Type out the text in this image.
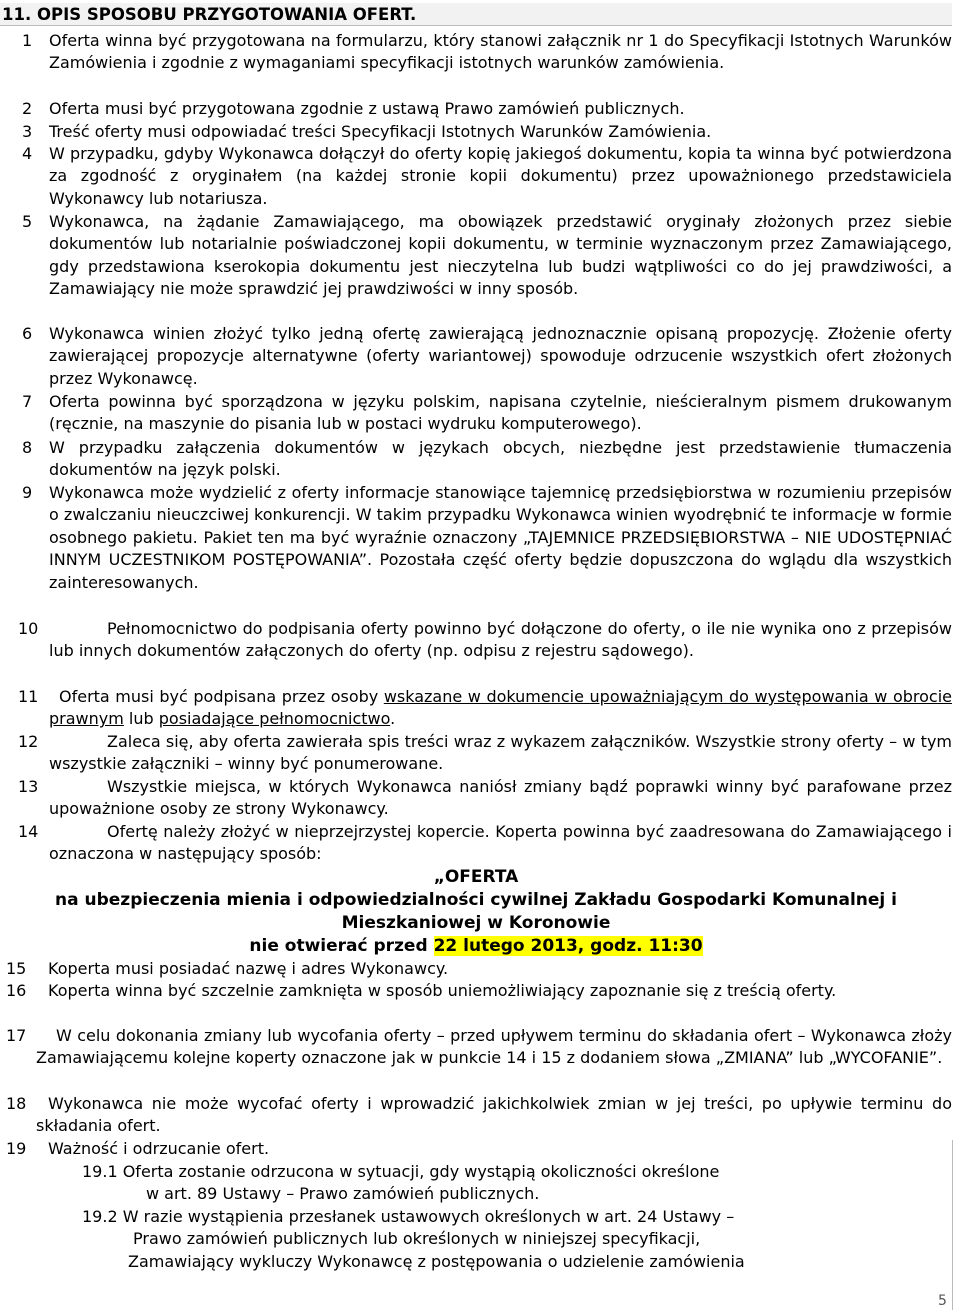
11. OPIS SPOSOBU PRZYGOTOWANIA OFERT.
1 Oferta winna być przygotowana na formularzu, który stanowi załącznik nr 1 do Specyfikacji Istotnych Warunków Zamówienia i zgodnie z wymaganiami specyfikacji istotnych warunków zamówienia.
2 Oferta musi być przygotowana zgodnie z ustawą Prawo zamówień publicznych.
3 Treść oferty musi odpowiadać treści Specyfikacji Istotnych Warunków Zamówienia.
4 W przypadku, gdyby Wykonawca dołączył do oferty kopię jakiegoś dokumentu, kopia ta winna być potwierdzona za zgodność z oryginałem (na każdej stronie kopii dokumentu) przez upoważnionego przedstawiciela Wykonawcy lub notariusza.
5 Wykonawca, na żądanie Zamawiającego, ma obowiązek przedstawić oryginały złożonych przez siebie dokumentów lub notarialnie poświadczonej kopii dokumentu, w terminie wyznaczonym przez Zamawiającego, gdy przedstawiona kserokopia dokumentu jest nieczytelna lub budzi wątpliwości co do jej prawdziwości, a Zamawiający nie może sprawdzić jej prawdziwości w inny sposób.
6 Wykonawca winien złożyć tylko jedną ofertę zawierającą jednoznacznie opisaną propozycję. Złożenie oferty zawierającej propozycje alternatywne (oferty wariantowej) spowoduje odrzucenie wszystkich ofert złożonych przez Wykonawcę.
7 Oferta powinna być sporządzona w języku polskim, napisana czytelnie, nieścieralnym pismem drukowanym (ręcznie, na maszynie do pisania lub w postaci wydruku komputerowego).
8 W przypadku załączenia dokumentów w językach obcych, niezbędne jest przedstawienie tłumaczenia dokumentów na język polski.
9 Wykonawca może wydzielić z oferty informacje stanowiące tajemnicę przedsiębiorstwa w rozumieniu przepisów o zwalczaniu nieuczciwej konkurencji. W takim przypadku Wykonawca winien wyodrębnić te informacje w formie osobnego pakietu. Pakiet ten ma być wyraźnie oznaczony „TAJEMNICE PRZEDSIĘBIORSTWA – NIE UDOSTĘPNIAĆ INNYM UCZESTNIKOM POSTĘPOWANIA”. Pozostała część oferty będzie dopuszczona do wglądu dla wszystkich zainteresowanych.
10	Pełnomocnictwo do podpisania oferty powinno być dołączone do oferty, o ile nie wynika ono z przepisów lub innych dokumentów załączonych do oferty (np. odpisu z rejestru sądowego).
11	Oferta musi być podpisana przez osoby wskazane w dokumencie upoważniającym do występowania w obrocie prawnym lub posiadające pełnomocnictwo.
12	Zaleca się, aby oferta zawierała spis treści wraz z wykazem załączników. Wszystkie strony oferty – w tym wszystkie załączniki – winny być ponumerowane.
13	Wszystkie miejsca, w których Wykonawca naniósł zmiany bądź poprawki winny być parafowane przez upoważnione osoby ze strony Wykonawcy.
14	Ofertę należy złożyć w nieprzejrzystej kopercie. Koperta powinna być zaadresowana do Zamawiającego i oznaczona w następujący sposób:
„OFERTA
na ubezpieczenia mienia i odpowiedzialności cywilnej Zakładu Gospodarki Komunalnej i
Mieszkaniowej w Koronowie
nie otwierać przed 22 lutego 2013, godz. 11:30
15	Koperta musi posiadać nazwę i adres Wykonawcy.
16	Koperta winna być szczelnie zamknięta w sposób uniemożliwiający zapoznanie się z treścią oferty.
17	W celu dokonania zmiany lub wycofania oferty – przed upływem terminu do składania ofert – Wykonawca złoży Zamawiającemu kolejne koperty oznaczone jak w punkcie 14 i 15 z dodaniem słowa „ZMIANA” lub „WYCOFANIE”.
18	Wykonawca nie może wycofać oferty i wprowadzić jakichkolwiek zmian w jej treści, po upływie terminu do składania ofert.
19	Ważność i odrzucanie ofert.
19.1 Oferta zostanie odrzucona w sytuacji, gdy wystąpią okoliczności określone
w art. 89 Ustawy – Prawo zamówień publicznych.
19.2 W razie wystąpienia przesłanek ustawowych określonych w art. 24 Ustawy –
Prawo zamówień publicznych lub określonych w niniejszej specyfikacji,
Zamawiający wykluczy Wykonawcę z postępowania o udzielenie zamówienia
5
